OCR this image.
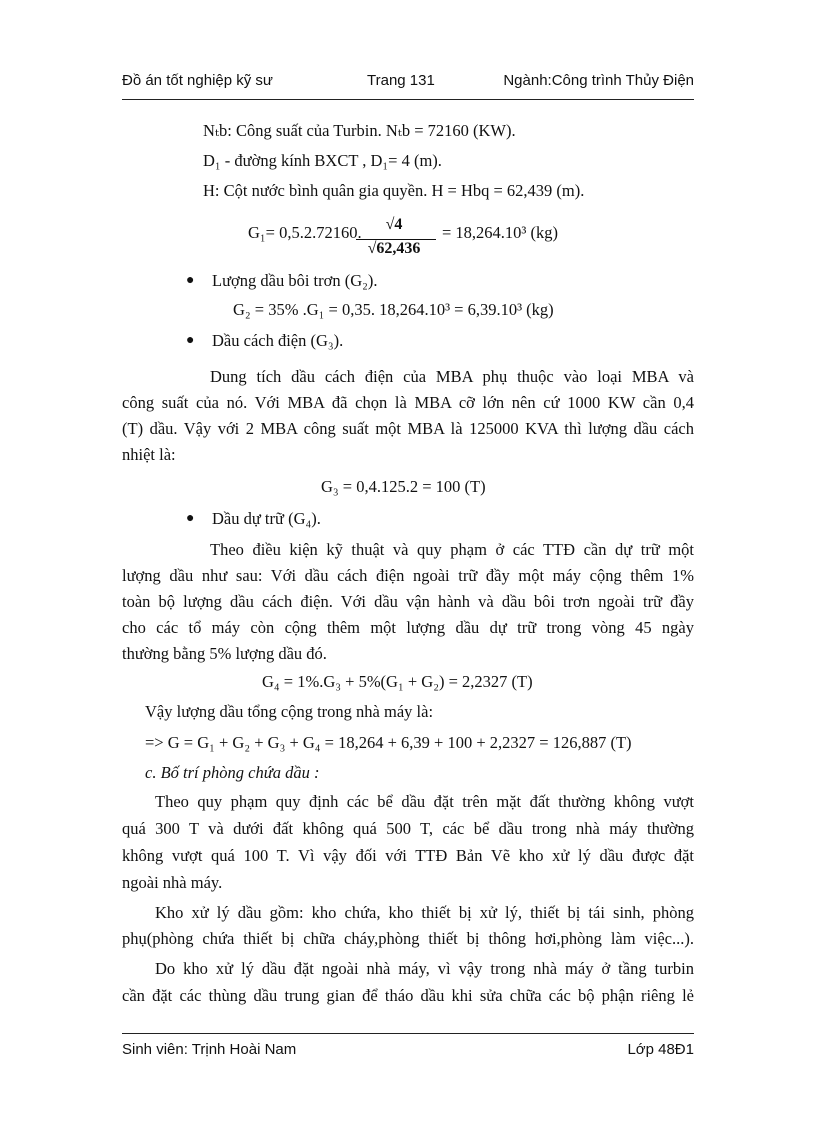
Đồ án tốt nghiệp kỹ sư	Trang 131	Ngành:Công trình Thủy Điện
Nₜb: Công suất của Turbin. Nₜb = 72160 (KW).
D₁ - đường kính BXCT , D₁= 4 (m).
H: Cột nước bình quân gia quyền. H = Hbq = 62,439 (m).
G₁= 0,5.2.72160.	√4
√62,436
= 18,264.10³ (kg)
● Lượng dầu bôi trơn (G₂).
G₂ = 35% .G₁ = 0,35. 18,264.10³ = 6,39.10³ (kg)
● Dầu cách điện (G₃).
Dung tích dầu cách điện của MBA phụ thuộc vào loại MBA và
công suất của nó. Với MBA đã chọn là MBA cỡ lớn nên cứ 1000 KW cần 0,4
(T) dầu. Vậy với 2 MBA công suất một MBA là 125000 KVA thì lượng dầu cách
nhiệt là:
G₃ = 0,4.125.2 = 100 (T)
● Dầu dự trữ (G₄).
Theo điều kiện kỹ thuật và quy phạm ở các TTĐ cần dự trữ một
lượng dầu như sau: Với dầu cách điện ngoài trữ đầy một máy cộng thêm 1%
toàn bộ lượng dầu cách điện. Với dầu vận hành và dầu bôi trơn ngoài trữ đầy
cho các tổ máy còn cộng thêm một lượng dầu dự trữ trong vòng 45 ngày
thường bằng 5% lượng dầu đó.
G₄ = 1%.G₃ + 5%(G₁ + G₂) = 2,2327 (T)
Vậy lượng dầu tổng cộng trong nhà máy là:
=> G = G₁ + G₂ + G₃ + G₄ = 18,264 + 6,39 + 100 + 2,2327 = 126,887 (T)
c. Bố trí phòng chứa dầu :
Theo quy phạm quy định các bể dầu đặt trên mặt đất thường không vượt
quá 300 T và dưới đất không quá 500 T, các bể dầu trong nhà máy thường
không vượt quá 100 T. Vì vậy đối với TTĐ Bản Vẽ kho xử lý dầu được đặt
ngoài nhà máy.
Kho xử lý dầu gồm: kho chứa, kho thiết bị xử lý, thiết bị tái sinh, phòng
phụ(phòng chứa thiết bị chữa cháy,phòng thiết bị thông hơi,phòng làm việc...).
Do kho xử lý dầu đặt ngoài nhà máy, vì vậy trong nhà máy ở tầng turbin
cần đặt các thùng dầu trung gian để tháo dầu khi sửa chữa các bộ phận riêng lẻ
Sinh viên: Trịnh Hoài Nam	Lớp 48Đ1
